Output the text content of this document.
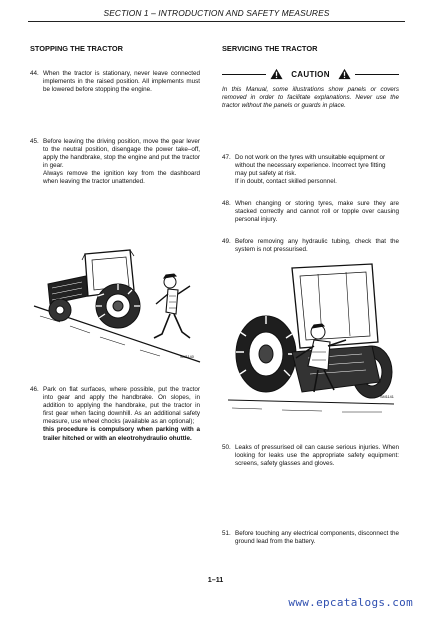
SECTION 1 – INTRODUCTION AND SAFETY MEASURES
STOPPING THE TRACTOR
44. When the tractor is stationary, never leave connected implements in the raised position. All implements must be lowered before stopping the engine.
45. Before leaving the driving position, move the gear lever to the neutral position, disengage the power take–off, apply the handbrake, stop the engine and put the tractor in gear.
Always remove the ignition key from the dashboard when leaving the tractor unattended.
SM1140
46. Park on flat surfaces, where possible, put the tractor into gear and apply the handbrake. On slopes, in addition to applying the handbrake, put the tractor in first gear when facing downhill. As an additional safety measure, use wheel chocks (available as an optional);
this procedure is compulsory when parking with a trailer hitched or with an eleotrohydraulio ohuttle.
SERVICING THE TRACTOR
CAUTION
In this Manual, some illustrations show panels or covers removed in order to facilitate explanations. Never use the tractor without the panels or guards in place.
47. Do not work on the tyres with unsuitable equipment or without the necessary experience. Incorrect tyre fitting may put safety at risk.
If in doubt, contact skilled personnel.
48. When changing or storing tyres, make sure they are stacked correctly and cannot roll or topple over causing personal injury.
49. Before removing any hydraulic tubing, check that the system is not pressurised.
SM1141
50. Leaks of pressurised oil can cause serious injuries. When looking for leaks use the appropriate safety equipment: screens, safety glasses and gloves.
51. Before touching any electrical components, disconnect the ground lead from the battery.
1–11
www.epcatalogs.com
